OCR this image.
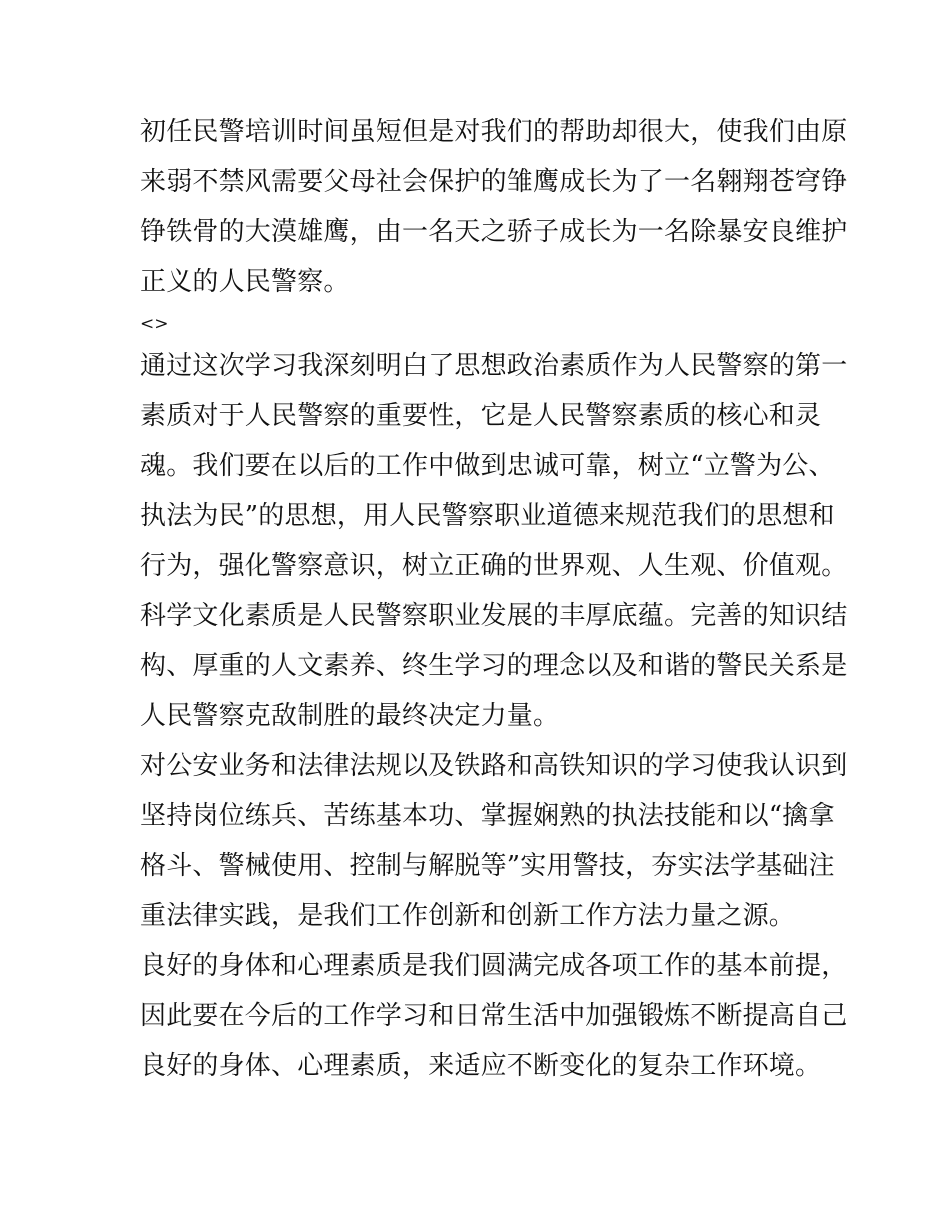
初任民警培训时间虽短但是对我们的帮助却很大，使我们由原
来弱不禁风需要父母社会保护的雏鹰成长为了一名翱翔苍穹铮
铮铁骨的大漠雄鹰，由一名天之骄子成长为一名除暴安良维护
正义的人民警察。
<>
通过这次学习我深刻明白了思想政治素质作为人民警察的第一
素质对于人民警察的重要性，它是人民警察素质的核心和灵
魂。我们要在以后的工作中做到忠诚可靠，树立“立警为公、
执法为民”的思想，用人民警察职业道德来规范我们的思想和
行为，强化警察意识，树立正确的世界观、人生观、价值观。
科学文化素质是人民警察职业发展的丰厚底蕴。完善的知识结
构、厚重的人文素养、终生学习的理念以及和谐的警民关系是
人民警察克敌制胜的最终决定力量。
对公安业务和法律法规以及铁路和高铁知识的学习使我认识到
坚持岗位练兵、苦练基本功、掌握娴熟的执法技能和以“擒拿
格斗、警械使用、控制与解脱等”实用警技，夯实法学基础注
重法律实践，是我们工作创新和创新工作方法力量之源。
良好的身体和心理素质是我们圆满完成各项工作的基本前提，
因此要在今后的工作学习和日常生活中加强锻炼不断提高自己
良好的身体、心理素质，来适应不断变化的复杂工作环境。
